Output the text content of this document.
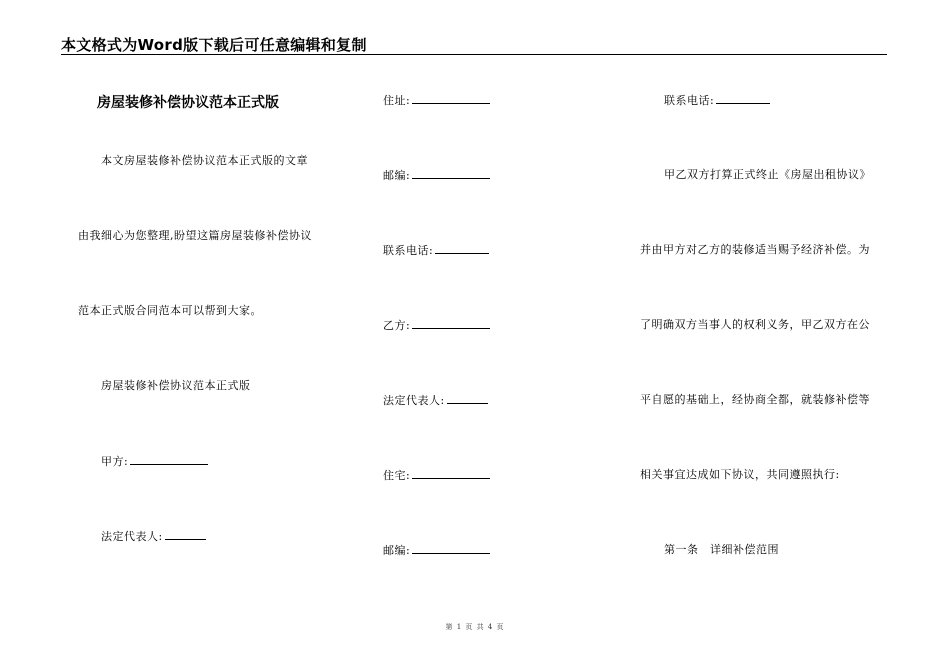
本文格式为Word版下载后可任意编辑和复制
房屋装修补偿协议范本正式版
本文房屋装修补偿协议范本正式版的文章
由我细心为您整理,盼望这篇房屋装修补偿协议
范本正式版合同范本可以帮到大家。
房屋装修补偿协议范本正式版
甲方:
法定代表人:
住址:
邮编:
联系电话:
乙方:
法定代表人:
住宅:
邮编:
联系电话:
甲乙双方打算正式终止《房屋出租协议》
并由甲方对乙方的装修适当赐予经济补偿。为
了明确双方当事人的权利义务，甲乙双方在公
平自愿的基础上，经协商全都，就装修补偿等
相关事宜达成如下协议，共同遵照执行:
第一条　详细补偿范围
第 1 页 共 4 页
